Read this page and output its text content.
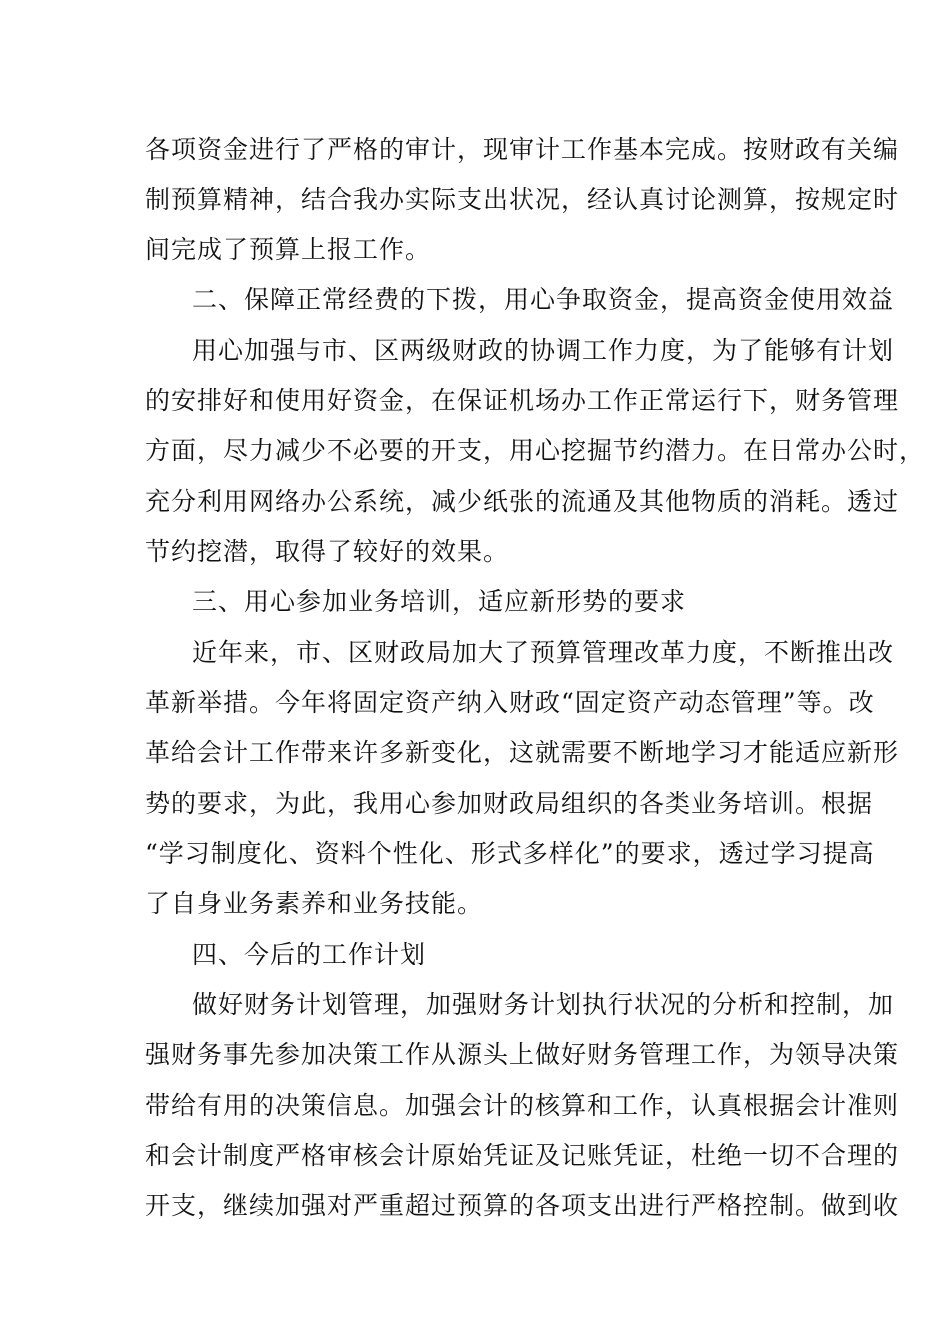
各项资金进行了严格的审计，现审计工作基本完成。按财政有关编
制预算精神，结合我办实际支出状况，经认真讨论测算，按规定时
间完成了预算上报工作。
二、保障正常经费的下拨，用心争取资金，提高资金使用效益
用心加强与市、区两级财政的协调工作力度，为了能够有计划
的安排好和使用好资金，在保证机场办工作正常运行下，财务管理
方面，尽力减少不必要的开支，用心挖掘节约潜力。在日常办公时，
充分利用网络办公系统，减少纸张的流通及其他物质的消耗。透过
节约挖潜，取得了较好的效果。
三、用心参加业务培训，适应新形势的要求
近年来，市、区财政局加大了预算管理改革力度，不断推出改
革新举措。今年将固定资产纳入财政“固定资产动态管理”等。改
革给会计工作带来许多新变化，这就需要不断地学习才能适应新形
势的要求，为此，我用心参加财政局组织的各类业务培训。根据
“学习制度化、资料个性化、形式多样化”的要求，透过学习提高
了自身业务素养和业务技能。
四、今后的工作计划
做好财务计划管理，加强财务计划执行状况的分析和控制，加
强财务事先参加决策工作从源头上做好财务管理工作，为领导决策
带给有用的决策信息。加强会计的核算和工作，认真根据会计准则
和会计制度严格审核会计原始凭证及记账凭证，杜绝一切不合理的
开支，继续加强对严重超过预算的各项支出进行严格控制。做到收
